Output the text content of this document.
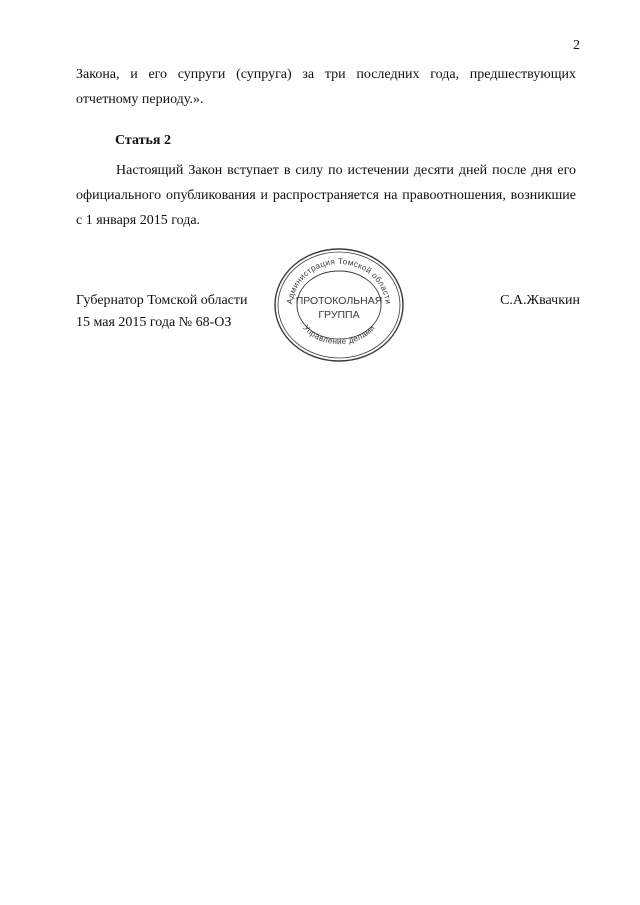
2
Закона, и его супруги (супруга) за три последних года, предшествующих
отчетному периоду.».
Статья 2
Настоящий Закон вступает в силу по истечении десяти дней после дня его
официального опубликования и распространяется на правоотношения, возникшие
с 1 января 2015 года.
Губернатор Томской области
15 мая 2015 года № 68-ОЗ
С.А.Жвачкин
Администрация Томской области
Управление делами
ПРОТОКОЛЬНАЯ
ГРУППА
